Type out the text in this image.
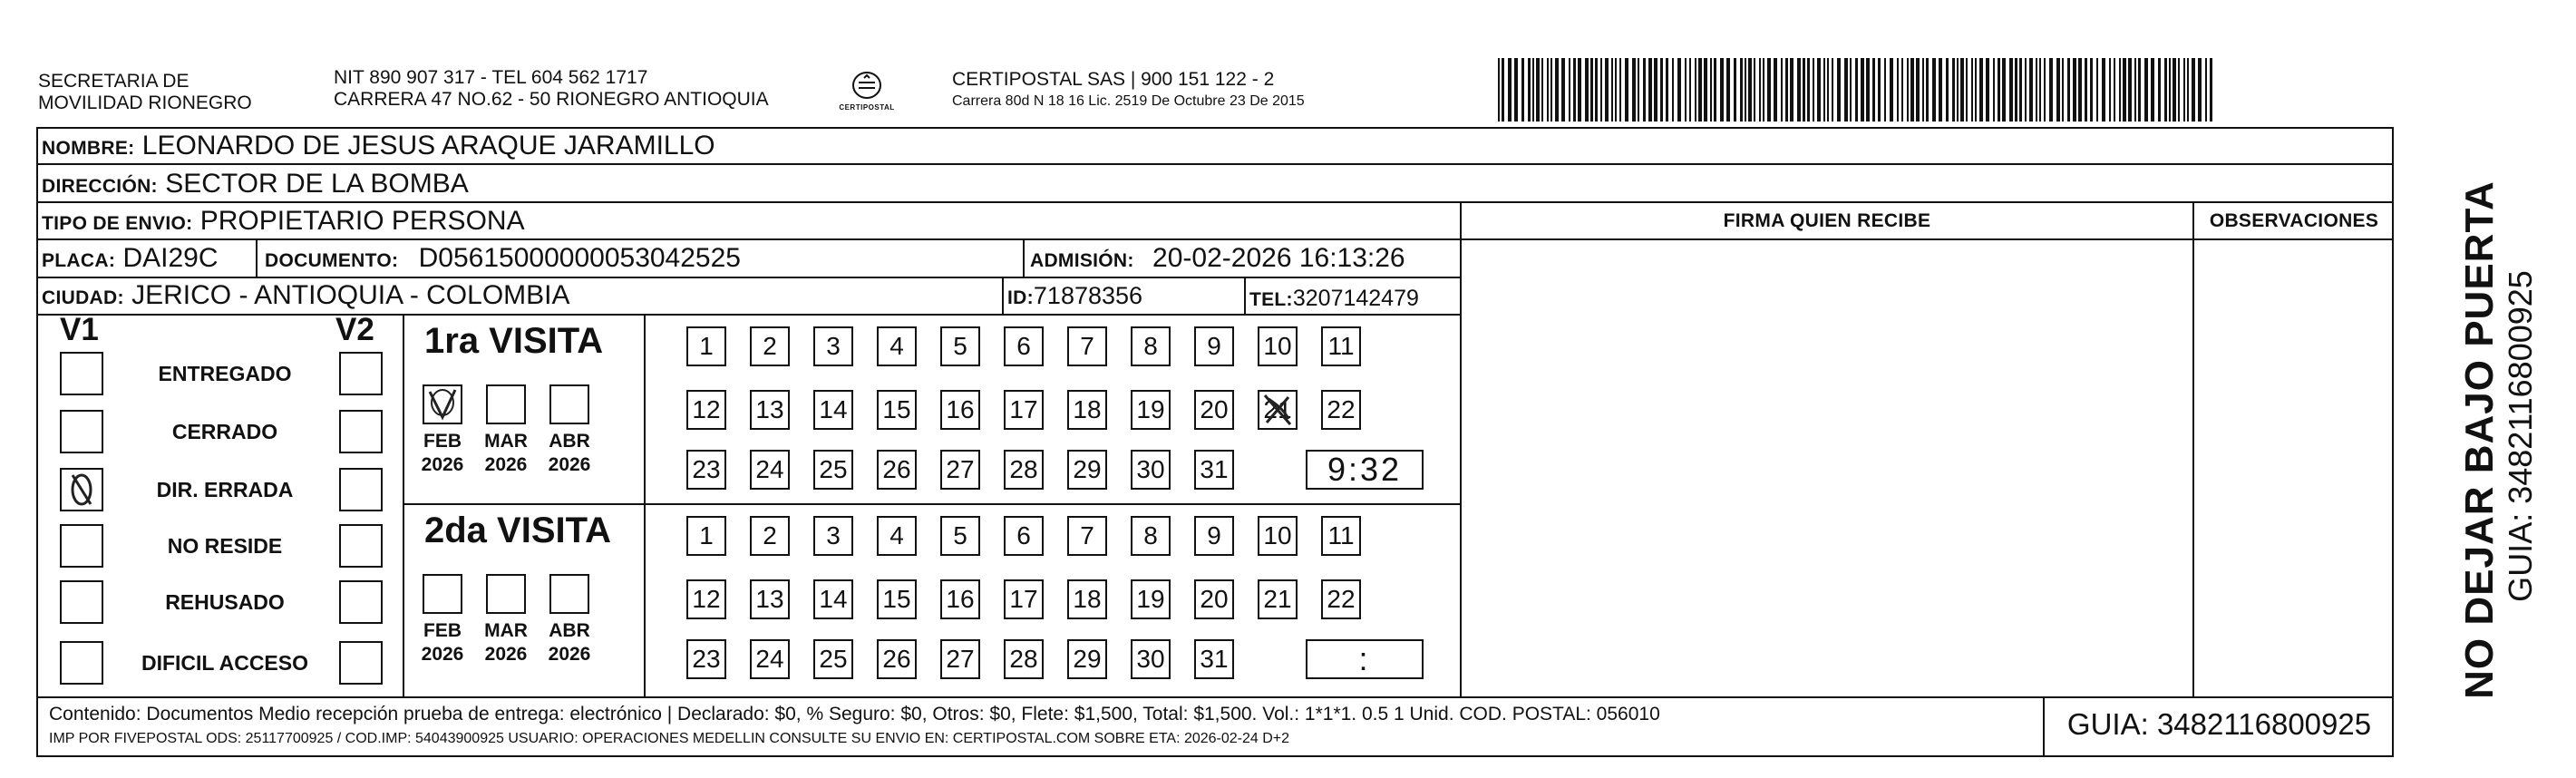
SECRETARIA DE
MOVILIDAD RIONEGRO
NIT 890 907 317 - TEL 604 562 1717
CARRERA 47 NO.62 - 50 RIONEGRO ANTIOQUIA	CERTIPOSTAL
CERTIPOSTAL SAS | 900 151 122 - 2
Carrera 80d N 18 16 Lic. 2519 De Octubre 23 De 2015
NOMBRE: LEONARDO DE JESUS ARAQUE JARAMILLO
DIRECCIÓN: SECTOR DE LA BOMBA
TIPO DE ENVIO: PROPIETARIO PERSONA	FIRMA QUIEN RECIBE	OBSERVACIONES
PLACA: DAI29C DOCUMENTO: D05615000000053042525	ADMISIÓN: 20-02-2026 16:13:26
CIUDAD: JERICO - ANTIOQUIA - COLOMBIA	ID:71878356	TEL:3207142479
V1	V2
ENTREGADO
CERRADO
DIR. ERRADA
NO RESIDE
REHUSADO
DIFICIL ACCESO
1ra VISITA
FEB
2026
MAR
2026
ABR
2026
1	2	3	4	5	6	7	8	9	10 11
12 13 14 15 16 17 18 19 20 21 22
23 24 25 26 27 28 29 30 31	9:32
2da VISITA
FEB
2026
MAR
2026
ABR
2026
1	2	3	4	5	6	7	8	9	10 11
12 13 14 15 16 17 18 19 20 21 22
23 24 25 26 27 28 29 30 31	:
Contenido: Documentos Medio recepción prueba de entrega: electrónico | Declarado: $0, % Seguro: $0, Otros: $0, Flete: $1,500, Total: $1,500. Vol.: 1*1*1. 0.5 1 Unid. COD. POSTAL: 056010
IMP POR FIVEPOSTAL ODS: 25117700925 / COD.IMP: 54043900925 USUARIO: OPERACIONES MEDELLIN CONSULTE SU ENVIO EN: CERTIPOSTAL.COM SOBRE ETA: 2026-02-24 D+2	GUIA: 3482116800925
NO DEJAR BAJO PUERTA GUIA: 3482116800925
